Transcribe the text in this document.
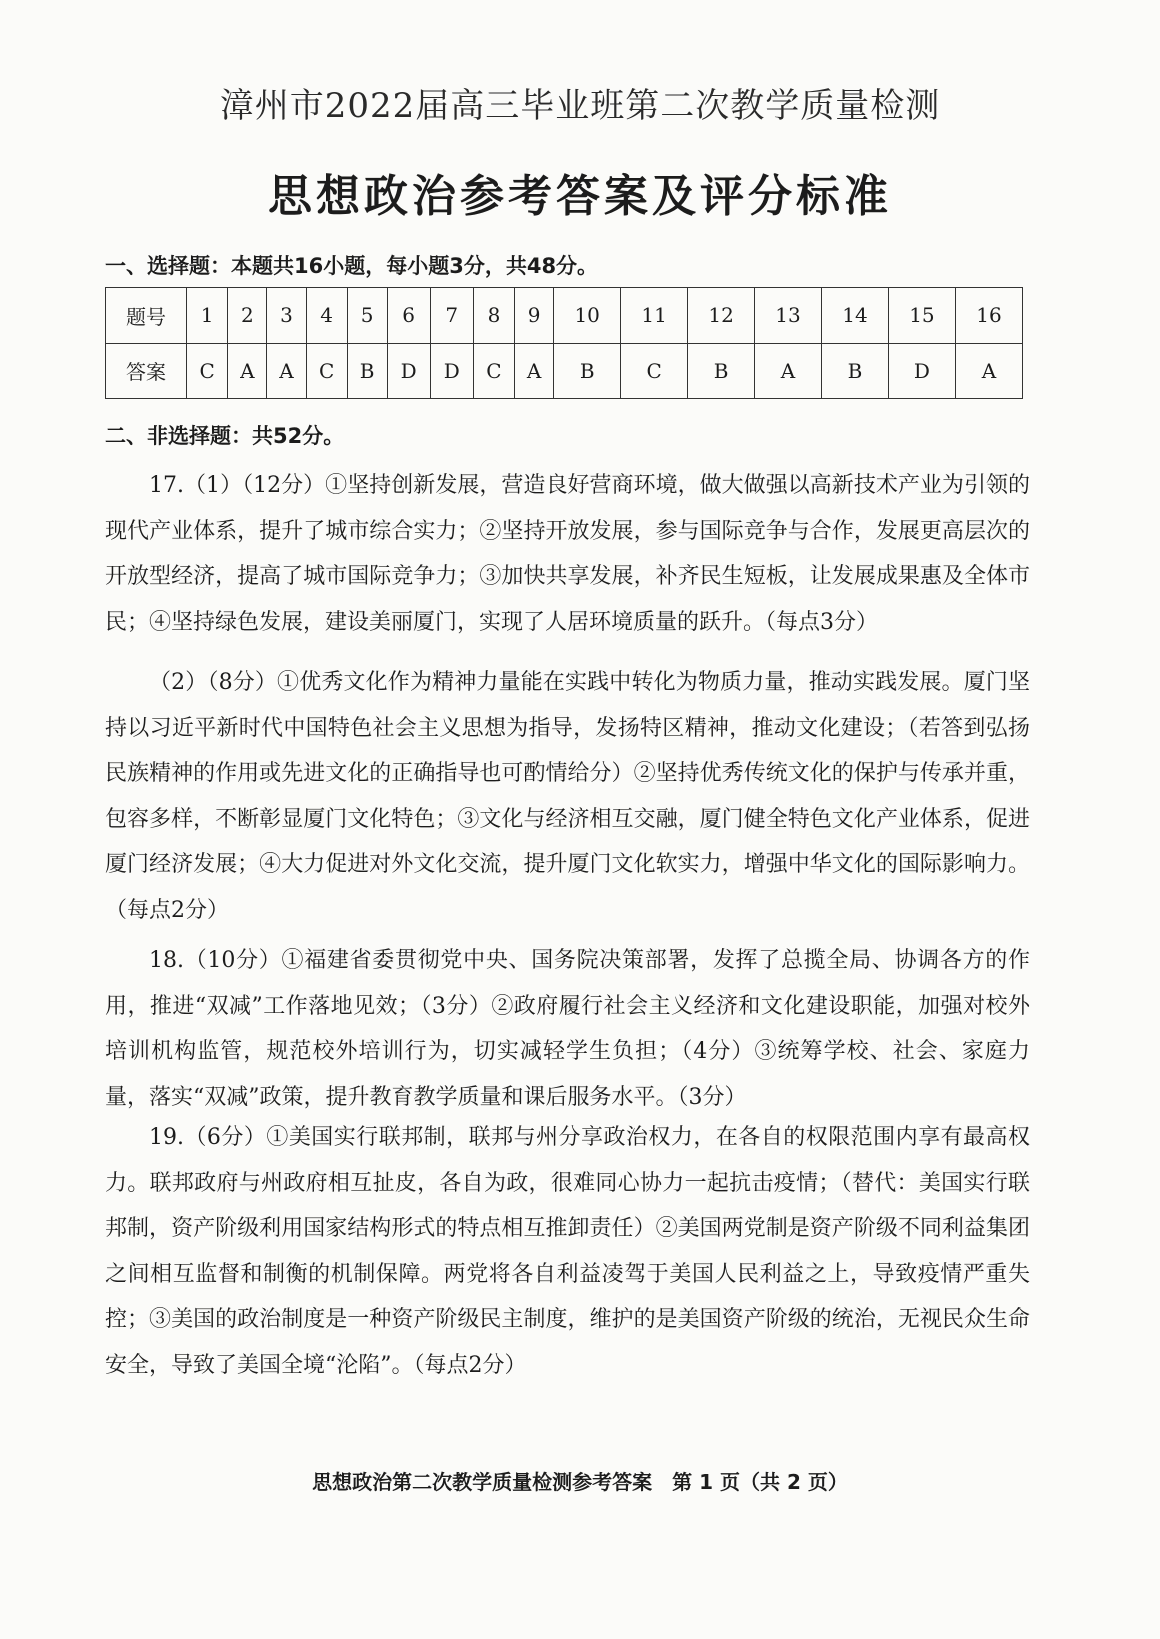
漳州市2022届高三毕业班第二次教学质量检测
思想政治参考答案及评分标准
一、选择题：本题共16小题，每小题3分，共48分。
题号	1	2	3	4	5	6	7	8	9	10	11	12	13	14	15	16
答案	C	A	A	C	B	D	D	C	A	B	C	B	A	B	D	A
二、非选择题：共52分。

17.（1）（12分）①坚持创新发展，营造良好营商环境，做大做强以高新技术产业为引领的现代产业体系，提升了城市综合实力；②坚持开放发展，参与国际竞争与合作，发展更高层次的开放型经济，提高了城市国际竞争力；③加快共享发展，补齐民生短板，让发展成果惠及全体市民；④坚持绿色发展，建设美丽厦门，实现了人居环境质量的跃升。（每点3分）

（2）（8分）①优秀文化作为精神力量能在实践中转化为物质力量，推动实践发展。厦门坚持以习近平新时代中国特色社会主义思想为指导，发扬特区精神，推动文化建设；（若答到弘扬民族精神的作用或先进文化的正确指导也可酌情给分）②坚持优秀传统文化的保护与传承并重，包容多样，不断彰显厦门文化特色；③文化与经济相互交融，厦门健全特色文化产业体系，促进厦门经济发展；④大力促进对外文化交流，提升厦门文化软实力，增强中华文化的国际影响力。（每点2分）

18.（10分）①福建省委贯彻党中央、国务院决策部署，发挥了总揽全局、协调各方的作用，推进“双减”工作落地见效；（3分）②政府履行社会主义经济和文化建设职能，加强对校外培训机构监管，规范校外培训行为，切实减轻学生负担；（4分）③统筹学校、社会、家庭力量，落实“双减”政策，提升教育教学质量和课后服务水平。（3分）

19.（6分）①美国实行联邦制，联邦与州分享政治权力，在各自的权限范围内享有最高权力。联邦政府与州政府相互扯皮，各自为政，很难同心协力一起抗击疫情；（替代：美国实行联邦制，资产阶级利用国家结构形式的特点相互推卸责任）②美国两党制是资产阶级不同利益集团之间相互监督和制衡的机制保障。两党将各自利益凌驾于美国人民利益之上，导致疫情严重失控；③美国的政治制度是一种资产阶级民主制度，维护的是美国资产阶级的统治，无视民众生命安全，导致了美国全境“沦陷”。（每点2分）

思想政治第二次教学质量检测参考答案　第 1 页（共 2 页）
